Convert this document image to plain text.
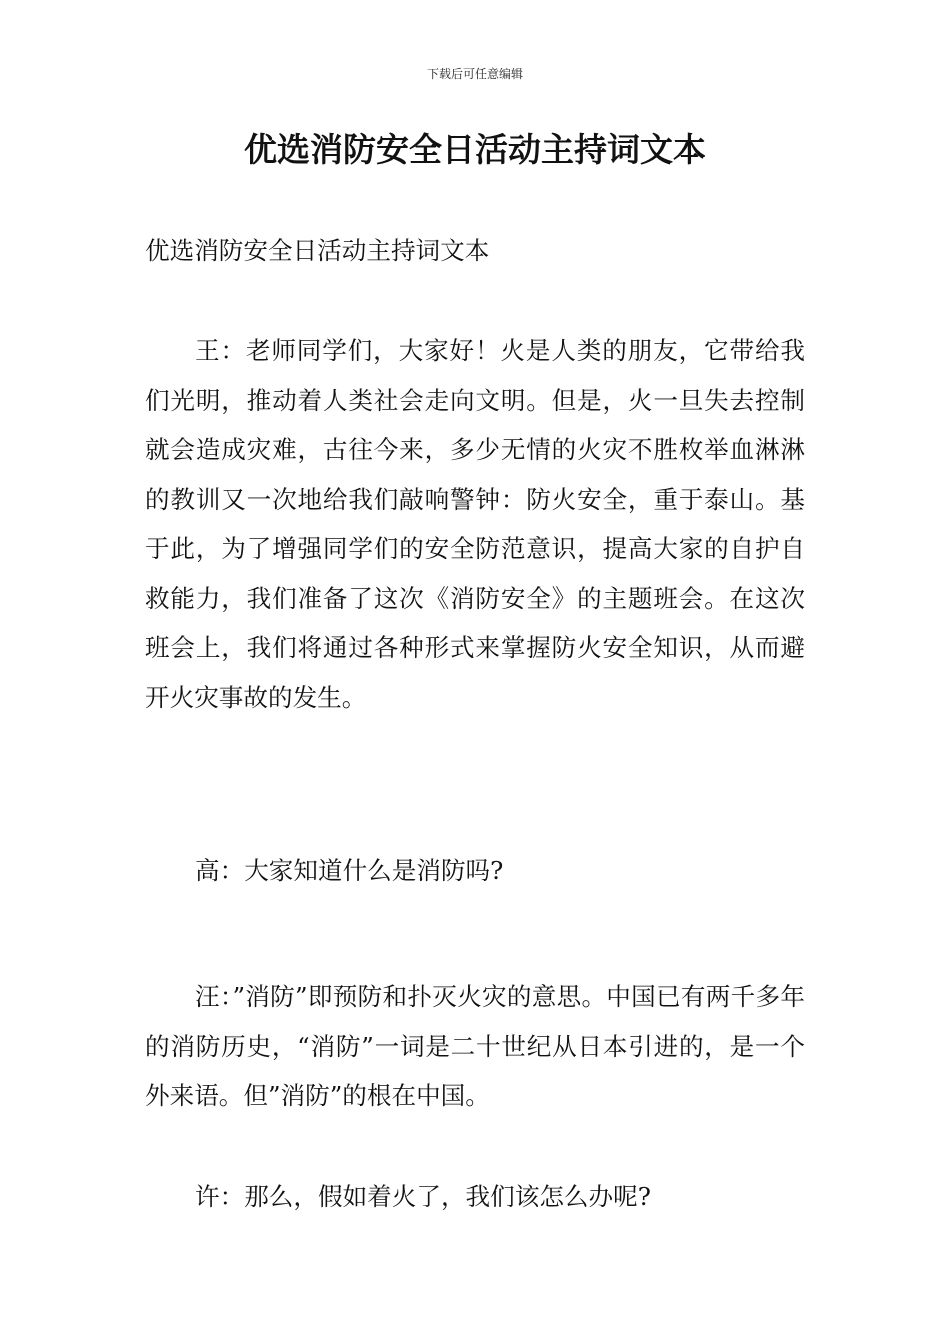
下载后可任意编辑
优选消防安全日活动主持词文本

优选消防安全日活动主持词文本

王：老师同学们，大家好！火是人类的朋友，它带给我们光明，推动着人类社会走向文明。但是，火一旦失去控制就会造成灾难，古往今来，多少无情的火灾不胜枚举血淋淋的教训又一次地给我们敲响警钟：防火安全，重于泰山。基于此，为了增强同学们的安全防范意识，提高大家的自护自救能力，我们准备了这次《消防安全》的主题班会。在这次班会上，我们将通过各种形式来掌握防火安全知识，从而避开火灾事故的发生。

高：大家知道什么是消防吗?

汪：”消防”即预防和扑灭火灾的意思。中国已有两千多年的消防历史，“消防”一词是二十世纪从日本引进的，是一个外来语。但”消防”的根在中国。

许：那么，假如着火了，我们该怎么办呢?
